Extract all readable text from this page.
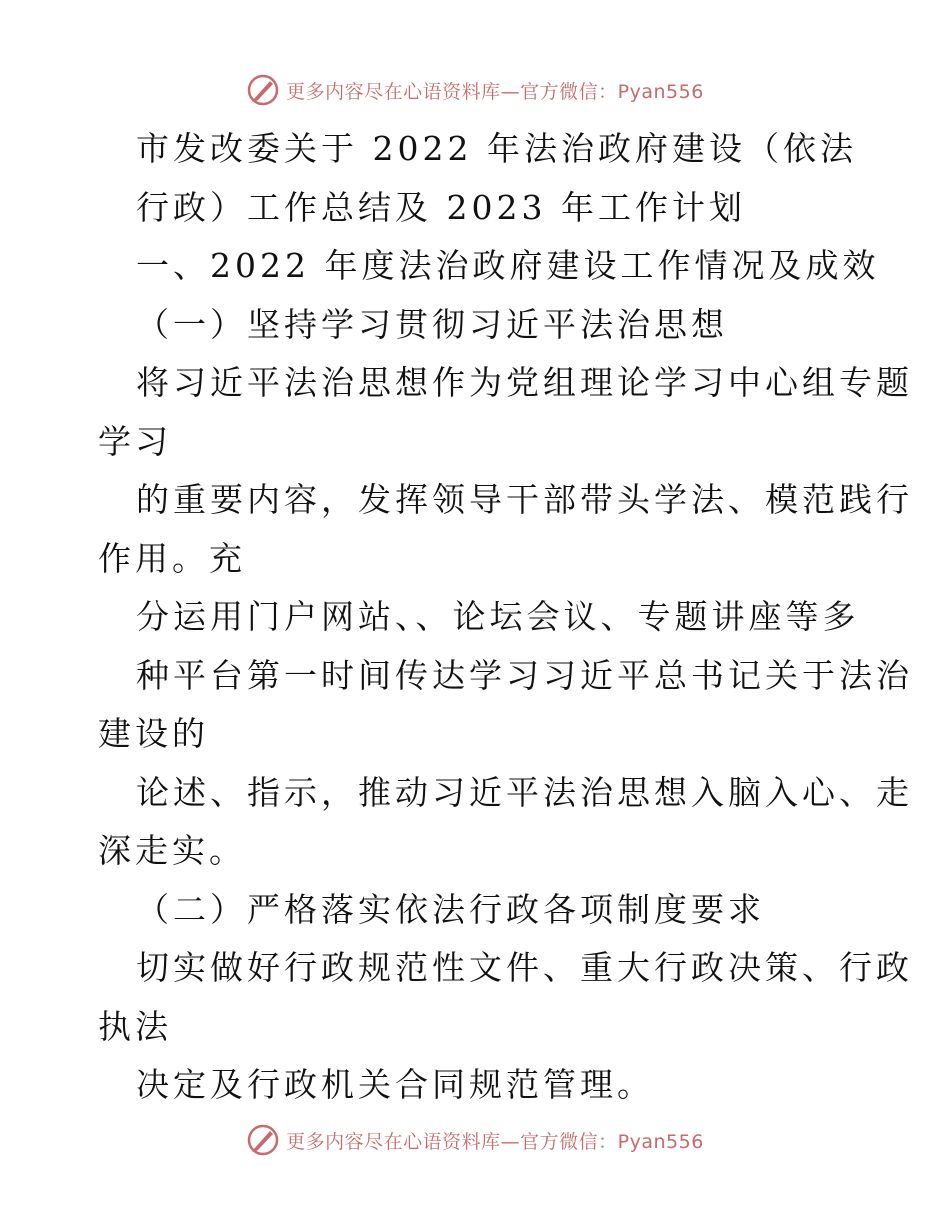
更多内容尽在心语资料库—官方微信：Pyan556
市发改委关于 2022 年法治政府建设（依法
行政）工作总结及 2023 年工作计划
一、2022 年度法治政府建设工作情况及成效
（一）坚持学习贯彻习近平法治思想
将习近平法治思想作为党组理论学习中心组专题
学习
的重要内容，发挥领导干部带头学法、模范践行
作用。充
分运用门户网站、、论坛会议、专题讲座等多
种平台第一时间传达学习习近平总书记关于法治
建设的
论述、指示，推动习近平法治思想入脑入心、走
深走实。
（二）严格落实依法行政各项制度要求
切实做好行政规范性文件、重大行政决策、行政
执法
决定及行政机关合同规范管理。
更多内容尽在心语资料库—官方微信：Pyan556
